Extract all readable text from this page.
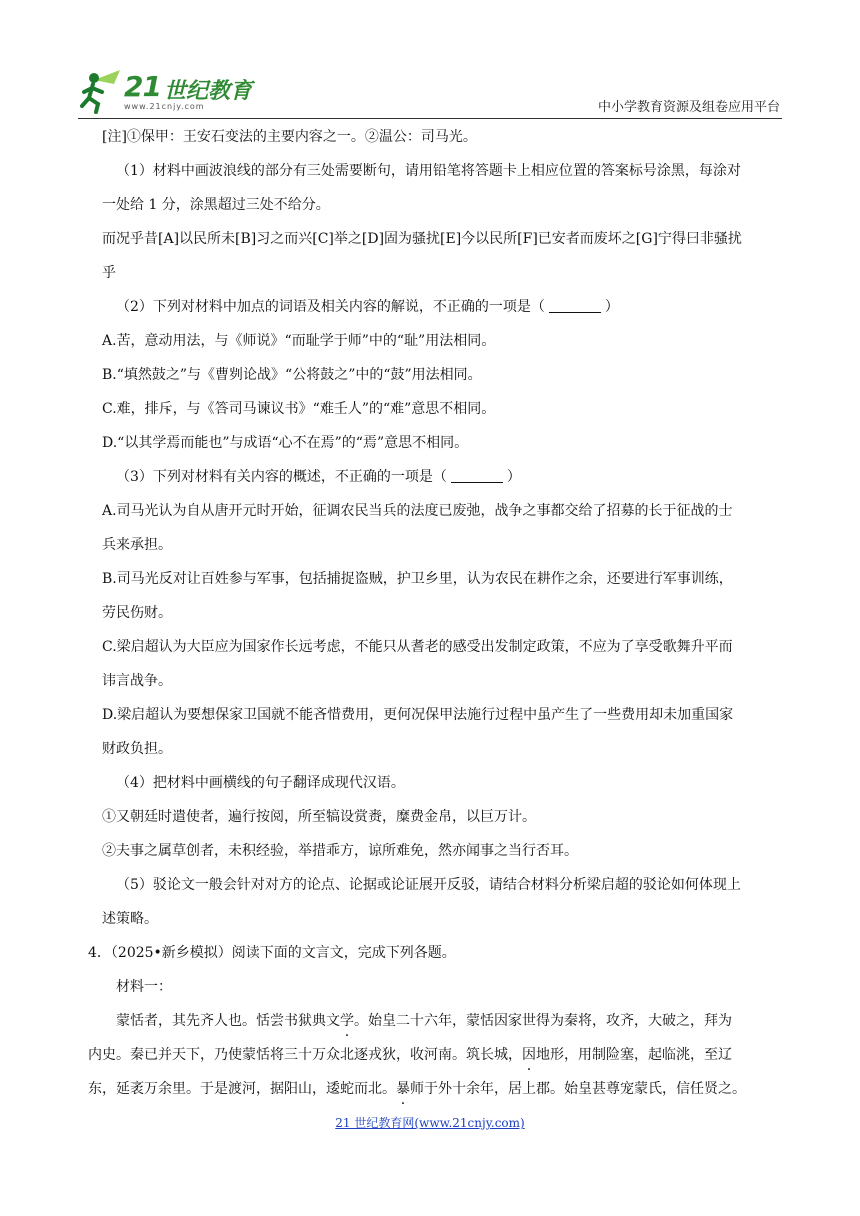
21 世纪教育
www.21cnjy.com	中小学教育资源及组卷应用平台

[注]①保甲：王安石变法的主要内容之一。②温公：司马光。

（1）材料中画波浪线的部分有三处需要断句，请用铅笔将答题卡上相应位置的答案标号涂黑，每涂对

一处给 1 分，涂黑超过三处不给分。

而况乎昔[A]以民所未[B]习之而兴[C]举之[D]固为骚扰[E]今以民所[F]已安者而废坏之[G]宁得曰非骚扰

乎

（2）下列对材料中加点的词语及相关内容的解说，不正确的一项是（	）

A.苦，意动用法，与《师说》“而耻学于师”中的“耻”用法相同。

B.“填然鼓之”与《曹刿论战》“公将鼓之”中的“鼓”用法相同。

C.难，排斥，与《答司马谏议书》“难壬人”的“难”意思不相同。

D.“以其学焉而能也”与成语“心不在焉”的“焉”意思不相同。

（3）下列对材料有关内容的概述，不正确的一项是（	）

A.司马光认为自从唐开元时开始，征调农民当兵的法度已废弛，战争之事都交给了招募的长于征战的士

兵来承担。

B.司马光反对让百姓参与军事，包括捕捉盗贼，护卫乡里，认为农民在耕作之余，还要进行军事训练，

劳民伤财。

C.梁启超认为大臣应为国家作长远考虑，不能只从耆老的感受出发制定政策，不应为了享受歌舞升平而

讳言战争。

D.梁启超认为要想保家卫国就不能吝惜费用，更何况保甲法施行过程中虽产生了一些费用却未加重国家

财政负担。

（4）把材料中画横线的句子翻译成现代汉语。

①又朝廷时遣使者，遍行按阅，所至犒设赏赉，糜费金帛，以巨万计。

②夫事之属草创者，未积经验，举措乖方，谅所难免，然亦闻事之当行否耳。

（5）驳论文一般会针对对方的论点、论据或论证展开反驳，请结合材料分析梁启超的驳论如何体现上

述策略。

4．（2025•新乡模拟）阅读下面的文言文，完成下列各题。

材料一：

蒙恬者，其先齐人也。恬尝书狱典文学。始皇二十六年，蒙恬因家世得为秦将，攻齐，大破之，拜为

内史。秦已并天下，乃使蒙恬将三十万众北逐戎狄，收河南。筑长城，因地形，用制险塞，起临洮，至辽

东，延袤万余里。于是渡河，据阳山，逶蛇而北。暴师于外十余年，居上郡。始皇甚尊宠蒙氏，信任贤之。

21 世纪教育网(www.21cnjy.com)
